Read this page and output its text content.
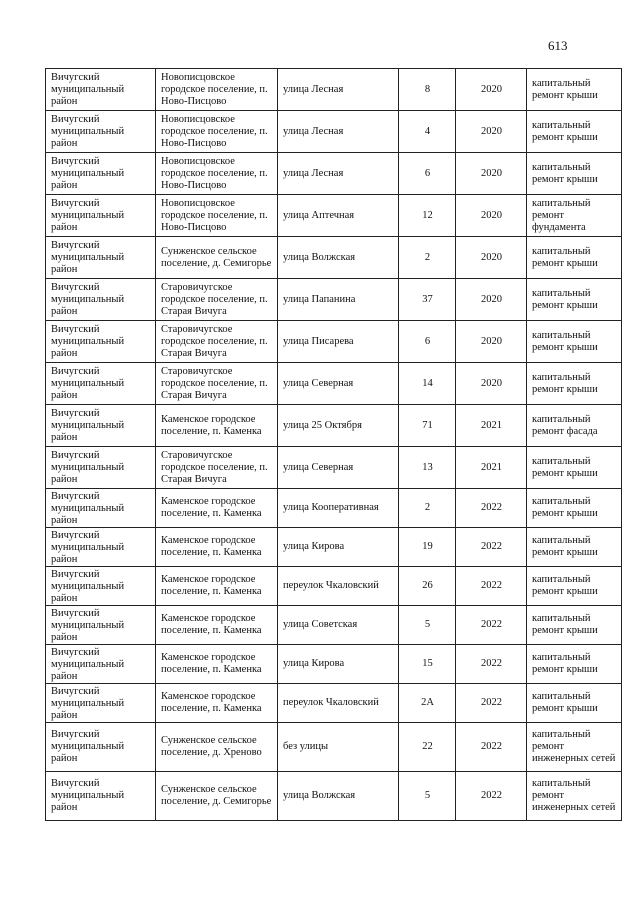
613
Вичугский муниципальный район	Новописцовское городское поселение, п. Ново-Писцово	улица Лесная	8	2020	капитальный ремонт крыши
Вичугский муниципальный район	Новописцовское городское поселение, п. Ново-Писцово	улица Лесная	4	2020	капитальный ремонт крыши
Вичугский муниципальный район	Новописцовское городское поселение, п. Ново-Писцово	улица Лесная	6	2020	капитальный ремонт крыши
Вичугский муниципальный район	Новописцовское городское поселение, п. Ново-Писцово	улица Аптечная	12	2020	капитальный ремонт фундамента
Вичугский муниципальный район	Сунженское сельское поселение, д. Семигорье	улица Волжская	2	2020	капитальный ремонт крыши
Вичугский муниципальный район	Старовичугское городское поселение, п. Старая Вичуга	улица Папанина	37	2020	капитальный ремонт крыши
Вичугский муниципальный район	Старовичугское городское поселение, п. Старая Вичуга	улица Писарева	6	2020	капитальный ремонт крыши
Вичугский муниципальный район	Старовичугское городское поселение, п. Старая Вичуга	улица Северная	14	2020	капитальный ремонт крыши
Вичугский муниципальный район	Каменское городское поселение, п. Каменка	улица 25 Октября	71	2021	капитальный ремонт фасада
Вичугский муниципальный район	Старовичугское городское поселение, п. Старая Вичуга	улица Северная	13	2021	капитальный ремонт крыши
Вичугский муниципальный район	Каменское городское поселение, п. Каменка	улица Кооперативная	2	2022	капитальный ремонт крыши
Вичугский муниципальный район	Каменское городское поселение, п. Каменка	улица Кирова	19	2022	капитальный ремонт крыши
Вичугский муниципальный район	Каменское городское поселение, п. Каменка	переулок Чкаловский	26	2022	капитальный ремонт крыши
Вичугский муниципальный район	Каменское городское поселение, п. Каменка	улица Советская	5	2022	капитальный ремонт крыши
Вичугский муниципальный район	Каменское городское поселение, п. Каменка	улица Кирова	15	2022	капитальный ремонт крыши
Вичугский муниципальный район	Каменское городское поселение, п. Каменка	переулок Чкаловский	2А	2022	капитальный ремонт крыши
Вичугский муниципальный район	Сунженское сельское поселение, д. Хреново	без улицы	22	2022	капитальный ремонт инженерных сетей
Вичугский муниципальный район	Сунженское сельское поселение, д. Семигорье	улица Волжская	5	2022	капитальный ремонт инженерных сетей
